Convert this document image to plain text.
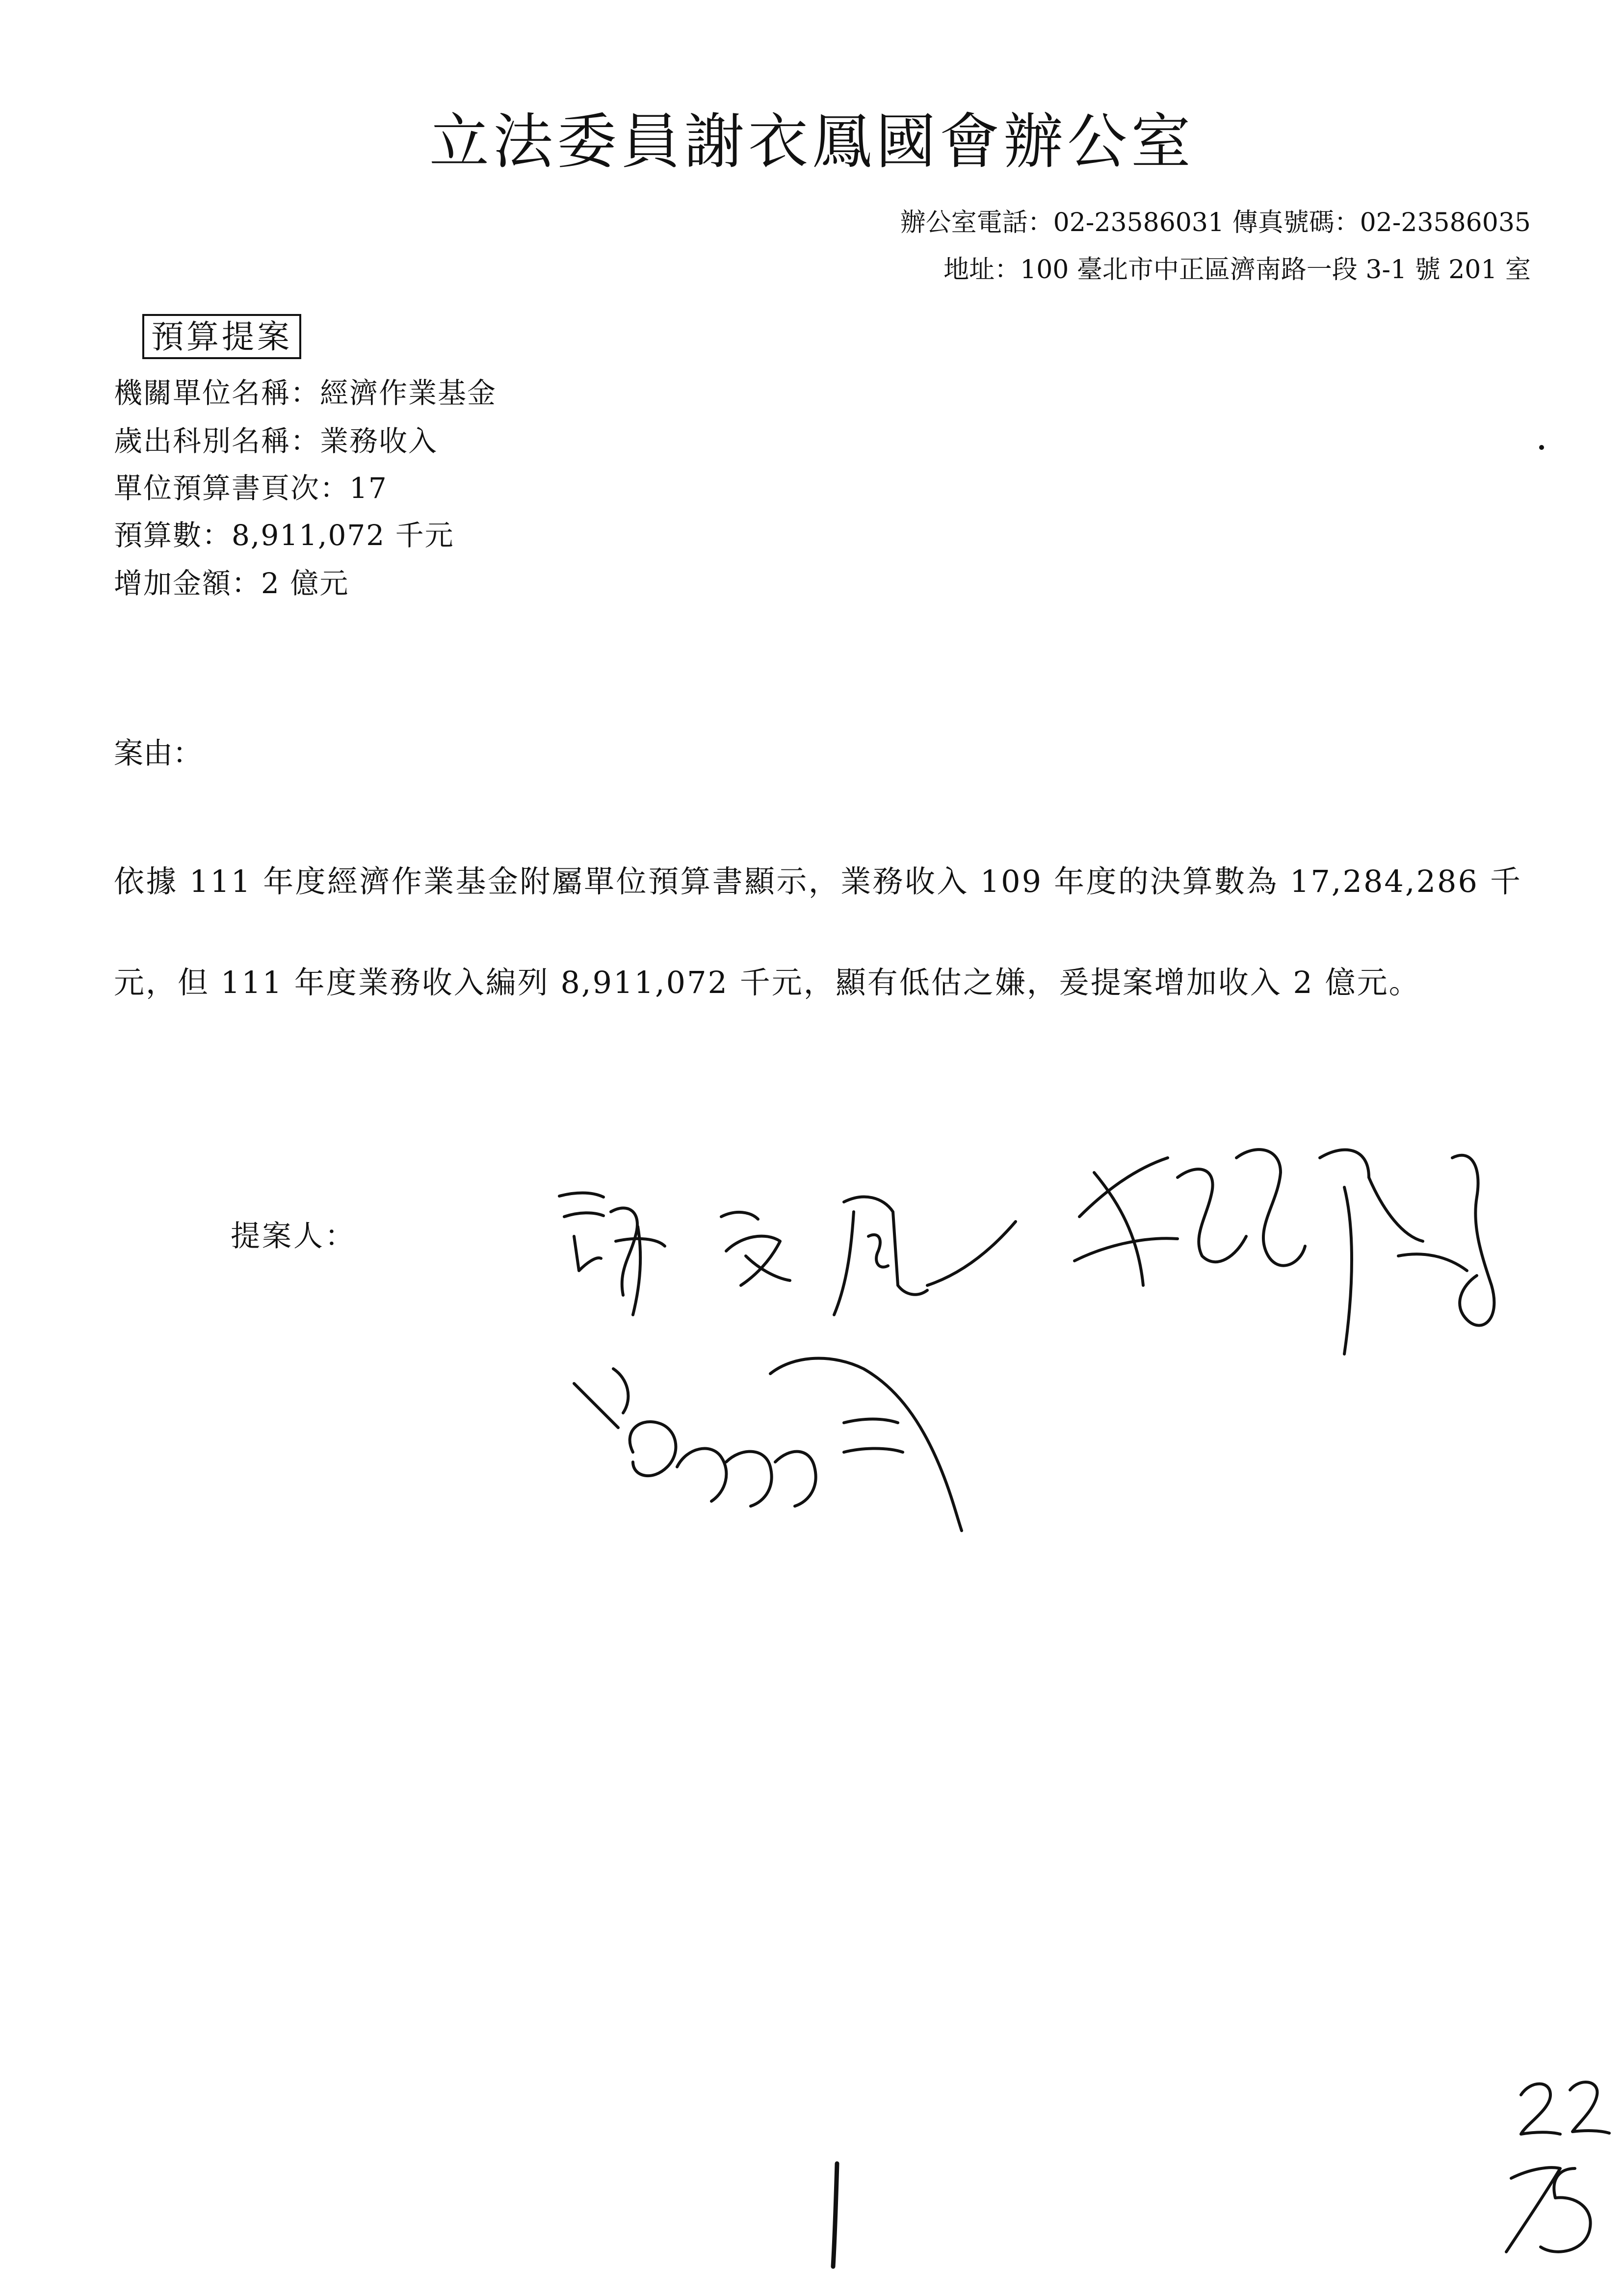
立法委員謝衣鳳國會辦公室
辦公室電話：02-23586031 傳真號碼：02-23586035
地址：100 臺北市中正區濟南路一段 3-1 號 201 室
預算提案
機關單位名稱：經濟作業基金
歲出科別名稱：業務收入
單位預算書頁次：17
預算數：8,911,072 千元
增加金額：2 億元
案由：
依據 111 年度經濟作業基金附屬單位預算書顯示，業務收入 109 年度的決算數為 17,284,286 千元，但 111 年度業務收入編列 8,911,072 千元，顯有低估之嫌，爰提案增加收入 2 億元。
提案人：
